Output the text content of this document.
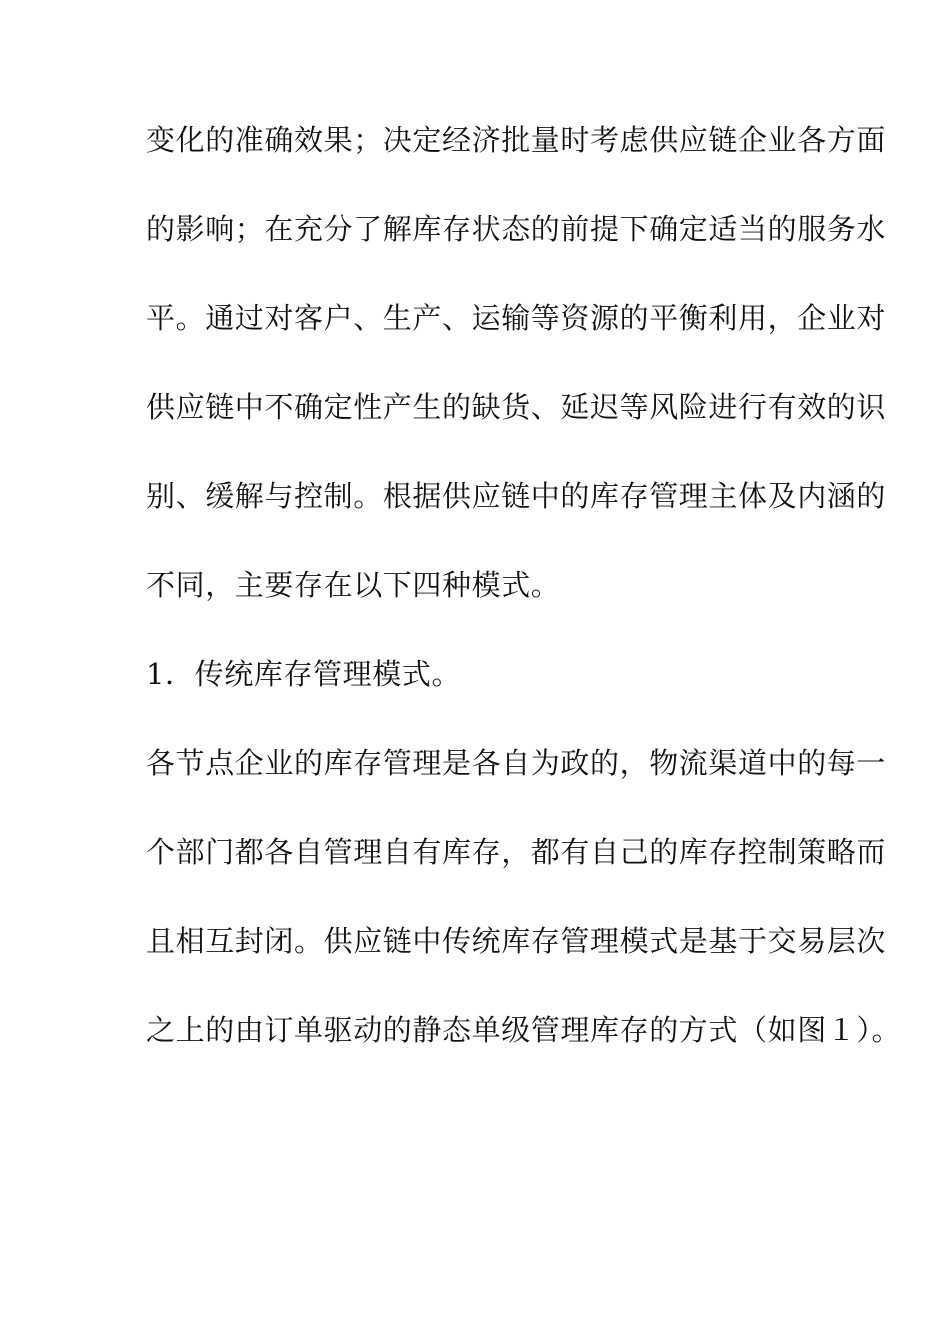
变化的准确效果；决定经济批量时考虑供应链企业各方面

的影响；在充分了解库存状态的前提下确定适当的服务水

平。通过对客户、生产、运输等资源的平衡利用，企业对

供应链中不确定性产生的缺货、延迟等风险进行有效的识

别、缓解与控制。根据供应链中的库存管理主体及内涵的

不同，主要存在以下四种模式。

1．传统库存管理模式。

各节点企业的库存管理是各自为政的，物流渠道中的每一

个部门都各自管理自有库存，都有自己的库存控制策略而

且相互封闭。供应链中传统库存管理模式是基于交易层次

之上的由订单驱动的静态单级管理库存的方式（如图１）。
